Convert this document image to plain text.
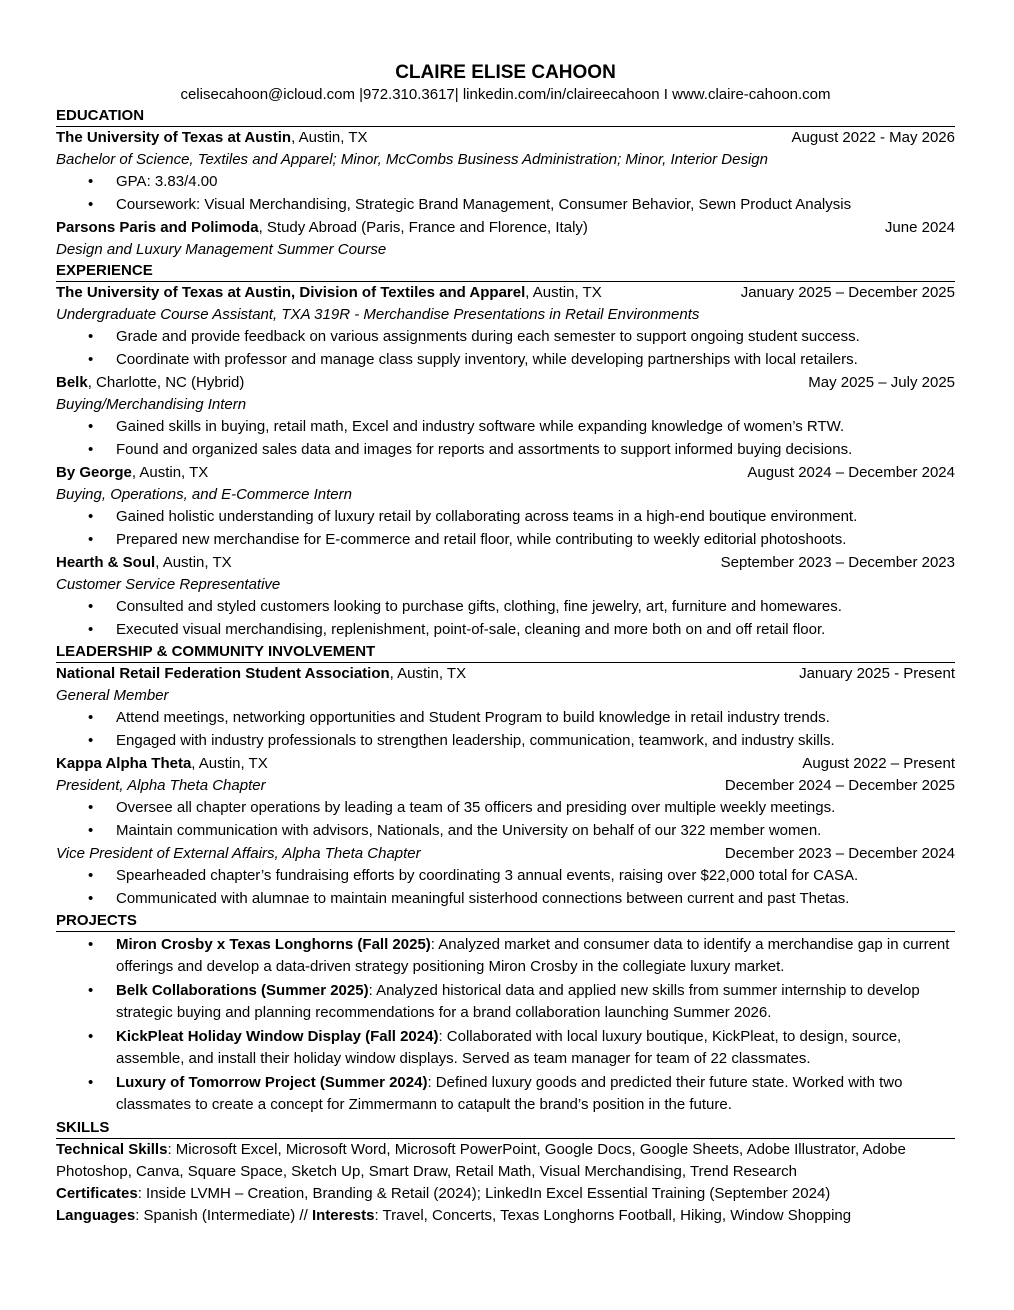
CLAIRE ELISE CAHOON
celisecahoon@icloud.com |972.310.3617| linkedin.com/in/claireecahoon I www.claire-cahoon.com
EDUCATION
The University of Texas at Austin, Austin, TX	August 2022 - May 2026
Bachelor of Science, Textiles and Apparel; Minor, McCombs Business Administration; Minor, Interior Design
• GPA: 3.83/4.00
• Coursework: Visual Merchandising, Strategic Brand Management, Consumer Behavior, Sewn Product Analysis
Parsons Paris and Polimoda, Study Abroad (Paris, France and Florence, Italy)	June 2024
Design and Luxury Management Summer Course
EXPERIENCE
The University of Texas at Austin, Division of Textiles and Apparel, Austin, TX	January 2025 – December 2025
Undergraduate Course Assistant, TXA 319R - Merchandise Presentations in Retail Environments
• Grade and provide feedback on various assignments during each semester to support ongoing student success.
• Coordinate with professor and manage class supply inventory, while developing partnerships with local retailers.
Belk, Charlotte, NC (Hybrid)	May 2025 – July 2025
Buying/Merchandising Intern
• Gained skills in buying, retail math, Excel and industry software while expanding knowledge of women’s RTW.
• Found and organized sales data and images for reports and assortments to support informed buying decisions.
By George, Austin, TX	August 2024 – December 2024
Buying, Operations, and E-Commerce Intern
• Gained holistic understanding of luxury retail by collaborating across teams in a high-end boutique environment.
• Prepared new merchandise for E-commerce and retail floor, while contributing to weekly editorial photoshoots.
Hearth & Soul, Austin, TX	September 2023 – December 2023
Customer Service Representative
• Consulted and styled customers looking to purchase gifts, clothing, fine jewelry, art, furniture and homewares.
• Executed visual merchandising, replenishment, point-of-sale, cleaning and more both on and off retail floor.
LEADERSHIP & COMMUNITY INVOLVEMENT
National Retail Federation Student Association, Austin, TX	January 2025 - Present
General Member
• Attend meetings, networking opportunities and Student Program to build knowledge in retail industry trends.
• Engaged with industry professionals to strengthen leadership, communication, teamwork, and industry skills.
Kappa Alpha Theta, Austin, TX	August 2022 – Present
President, Alpha Theta Chapter	December 2024 – December 2025
• Oversee all chapter operations by leading a team of 35 officers and presiding over multiple weekly meetings.
• Maintain communication with advisors, Nationals, and the University on behalf of our 322 member women.
Vice President of External Affairs, Alpha Theta Chapter	December 2023 – December 2024
• Spearheaded chapter’s fundraising efforts by coordinating 3 annual events, raising over $22,000 total for CASA.
• Communicated with alumnae to maintain meaningful sisterhood connections between current and past Thetas.
PROJECTS
• Miron Crosby x Texas Longhorns (Fall 2025): Analyzed market and consumer data to identify a merchandise gap in current offerings and develop a data-driven strategy positioning Miron Crosby in the collegiate luxury market.
• Belk Collaborations (Summer 2025): Analyzed historical data and applied new skills from summer internship to develop strategic buying and planning recommendations for a brand collaboration launching Summer 2026.
• KickPleat Holiday Window Display (Fall 2024): Collaborated with local luxury boutique, KickPleat, to design, source, assemble, and install their holiday window displays. Served as team manager for team of 22 classmates.
• Luxury of Tomorrow Project (Summer 2024): Defined luxury goods and predicted their future state. Worked with two classmates to create a concept for Zimmermann to catapult the brand’s position in the future.
SKILLS
Technical Skills: Microsoft Excel, Microsoft Word, Microsoft PowerPoint, Google Docs, Google Sheets, Adobe Illustrator, Adobe Photoshop, Canva, Square Space, Sketch Up, Smart Draw, Retail Math, Visual Merchandising, Trend Research
Certificates: Inside LVMH – Creation, Branding & Retail (2024); LinkedIn Excel Essential Training (September 2024)
Languages: Spanish (Intermediate) // Interests: Travel, Concerts, Texas Longhorns Football, Hiking, Window Shopping
